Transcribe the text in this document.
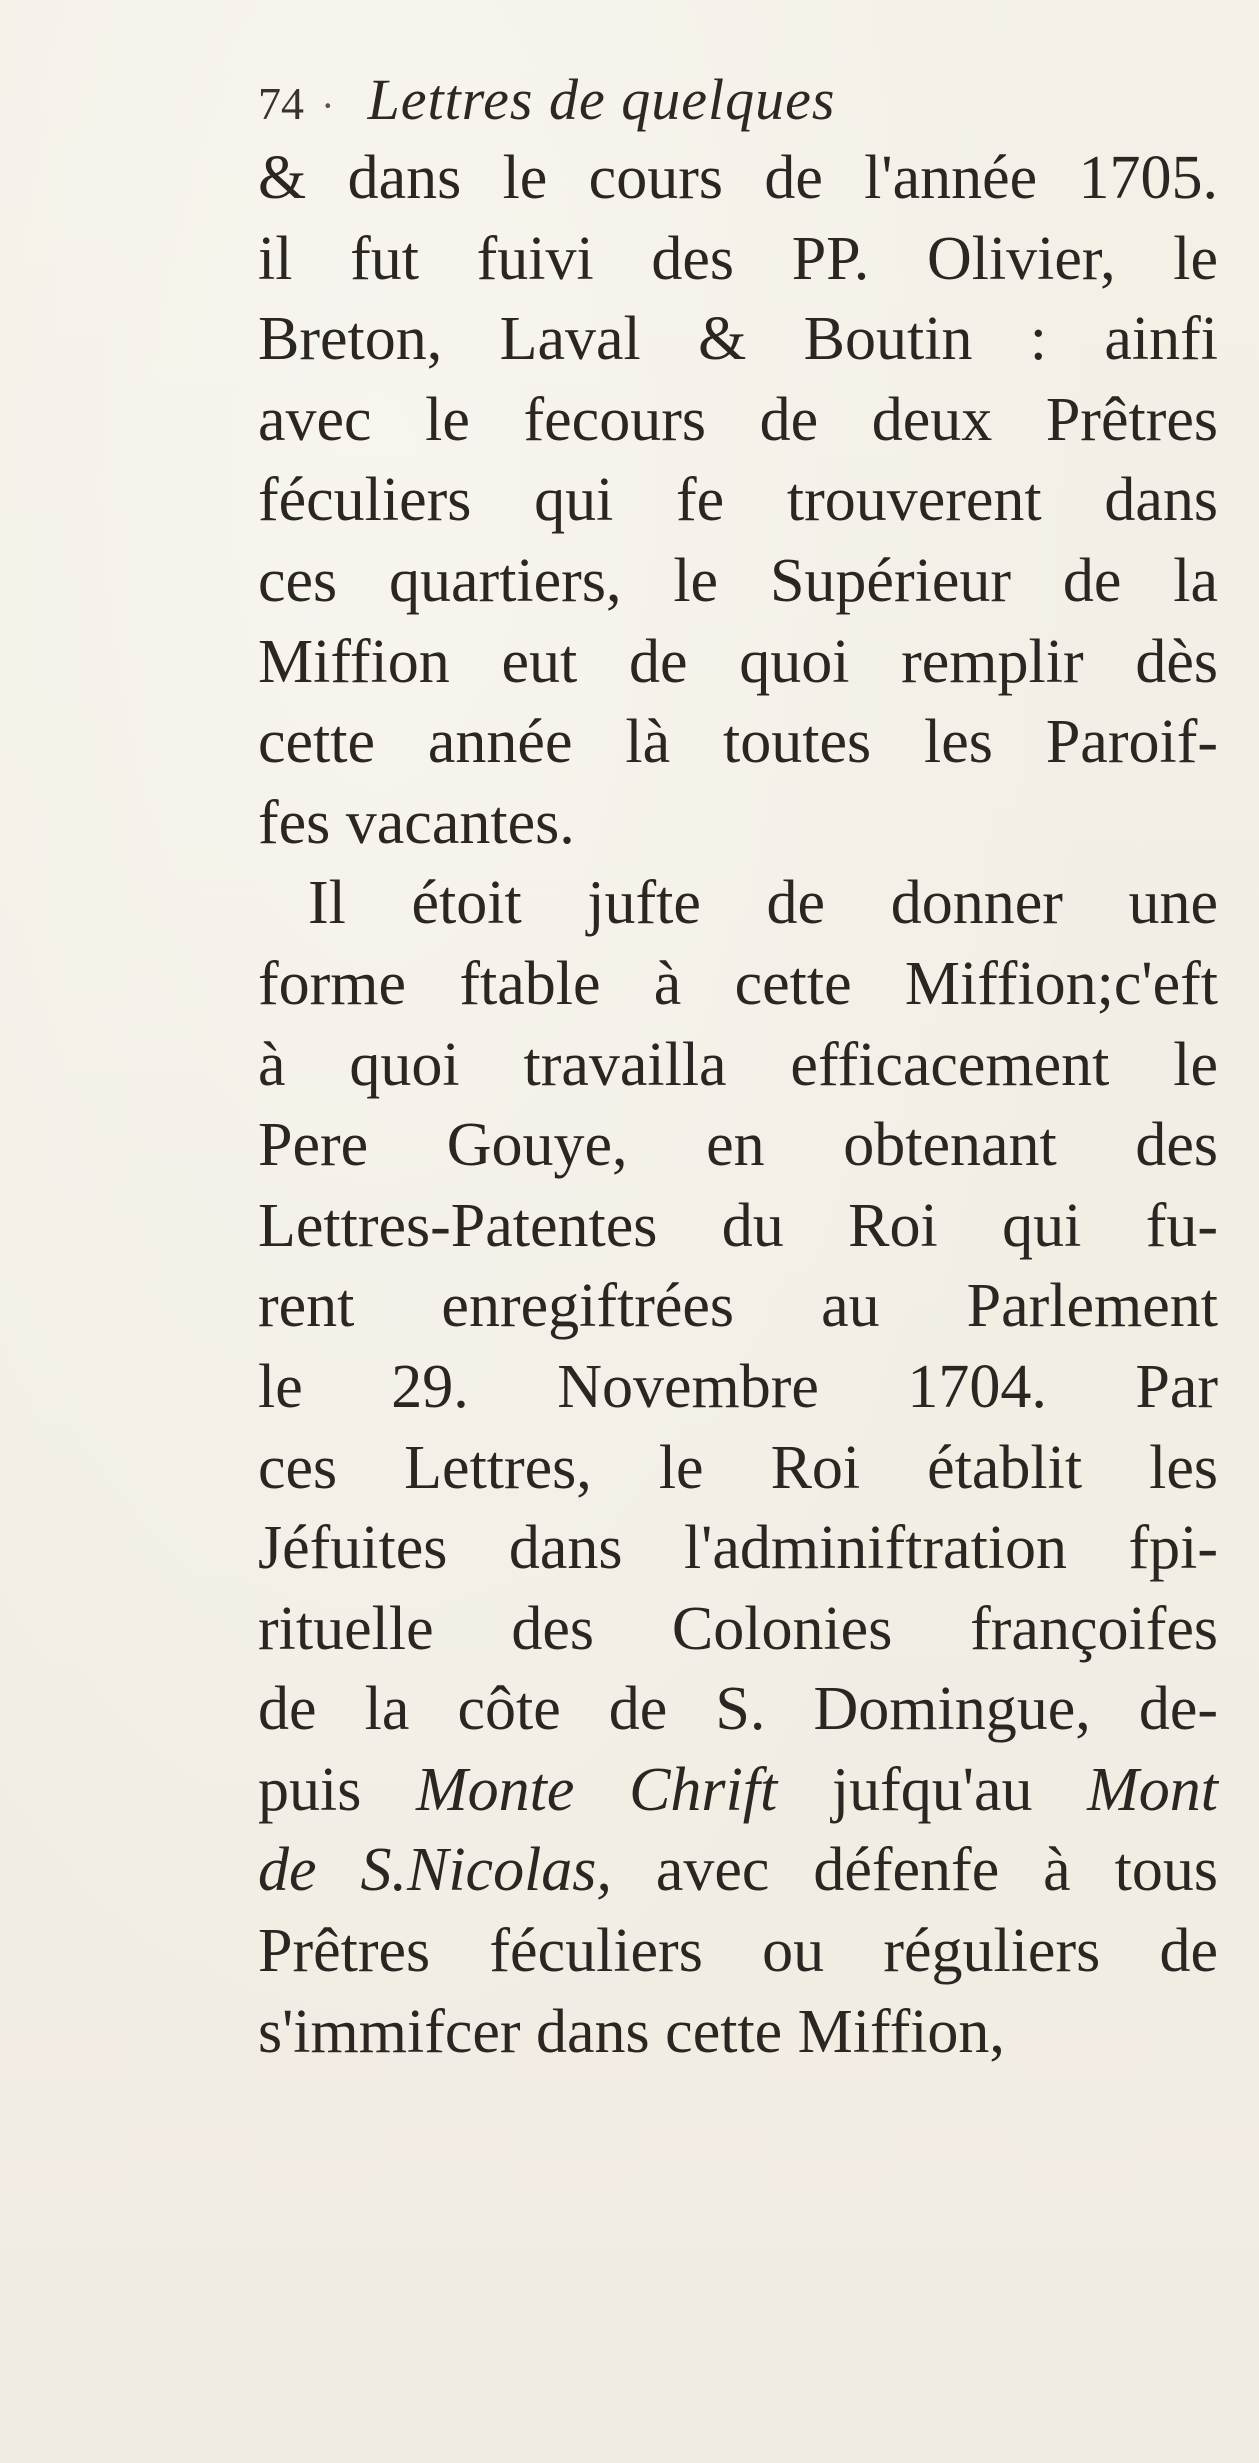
74 · Lettres de quelques
& dans le cours de l'année 1705.
il fut fuivi des PP. Olivier, le
Breton, Laval & Boutin : ainfi
avec le fecours de deux Prêtres
féculiers qui fe trouverent dans
ces quartiers, le Supérieur de la
Miffion eut de quoi remplir dès
cette année là toutes les Paroif-
fes vacantes.
Il étoit jufte de donner une
forme ftable à cette Miffion;c'eft
à quoi travailla efficacement le
Pere Gouye, en obtenant des
Lettres-Patentes du Roi qui fu-
rent enregiftrées au Parlement
le 29. Novembre 1704. Par
ces Lettres, le Roi établit les
Jéfuites dans l'adminiftration fpi-
rituelle des Colonies françoifes
de la côte de S. Domingue, de-
puis Monte Chrift jufqu'au Mont
de S.Nicolas, avec défenfe à tous
Prêtres féculiers ou réguliers de
s'immifcer dans cette Miffion,
